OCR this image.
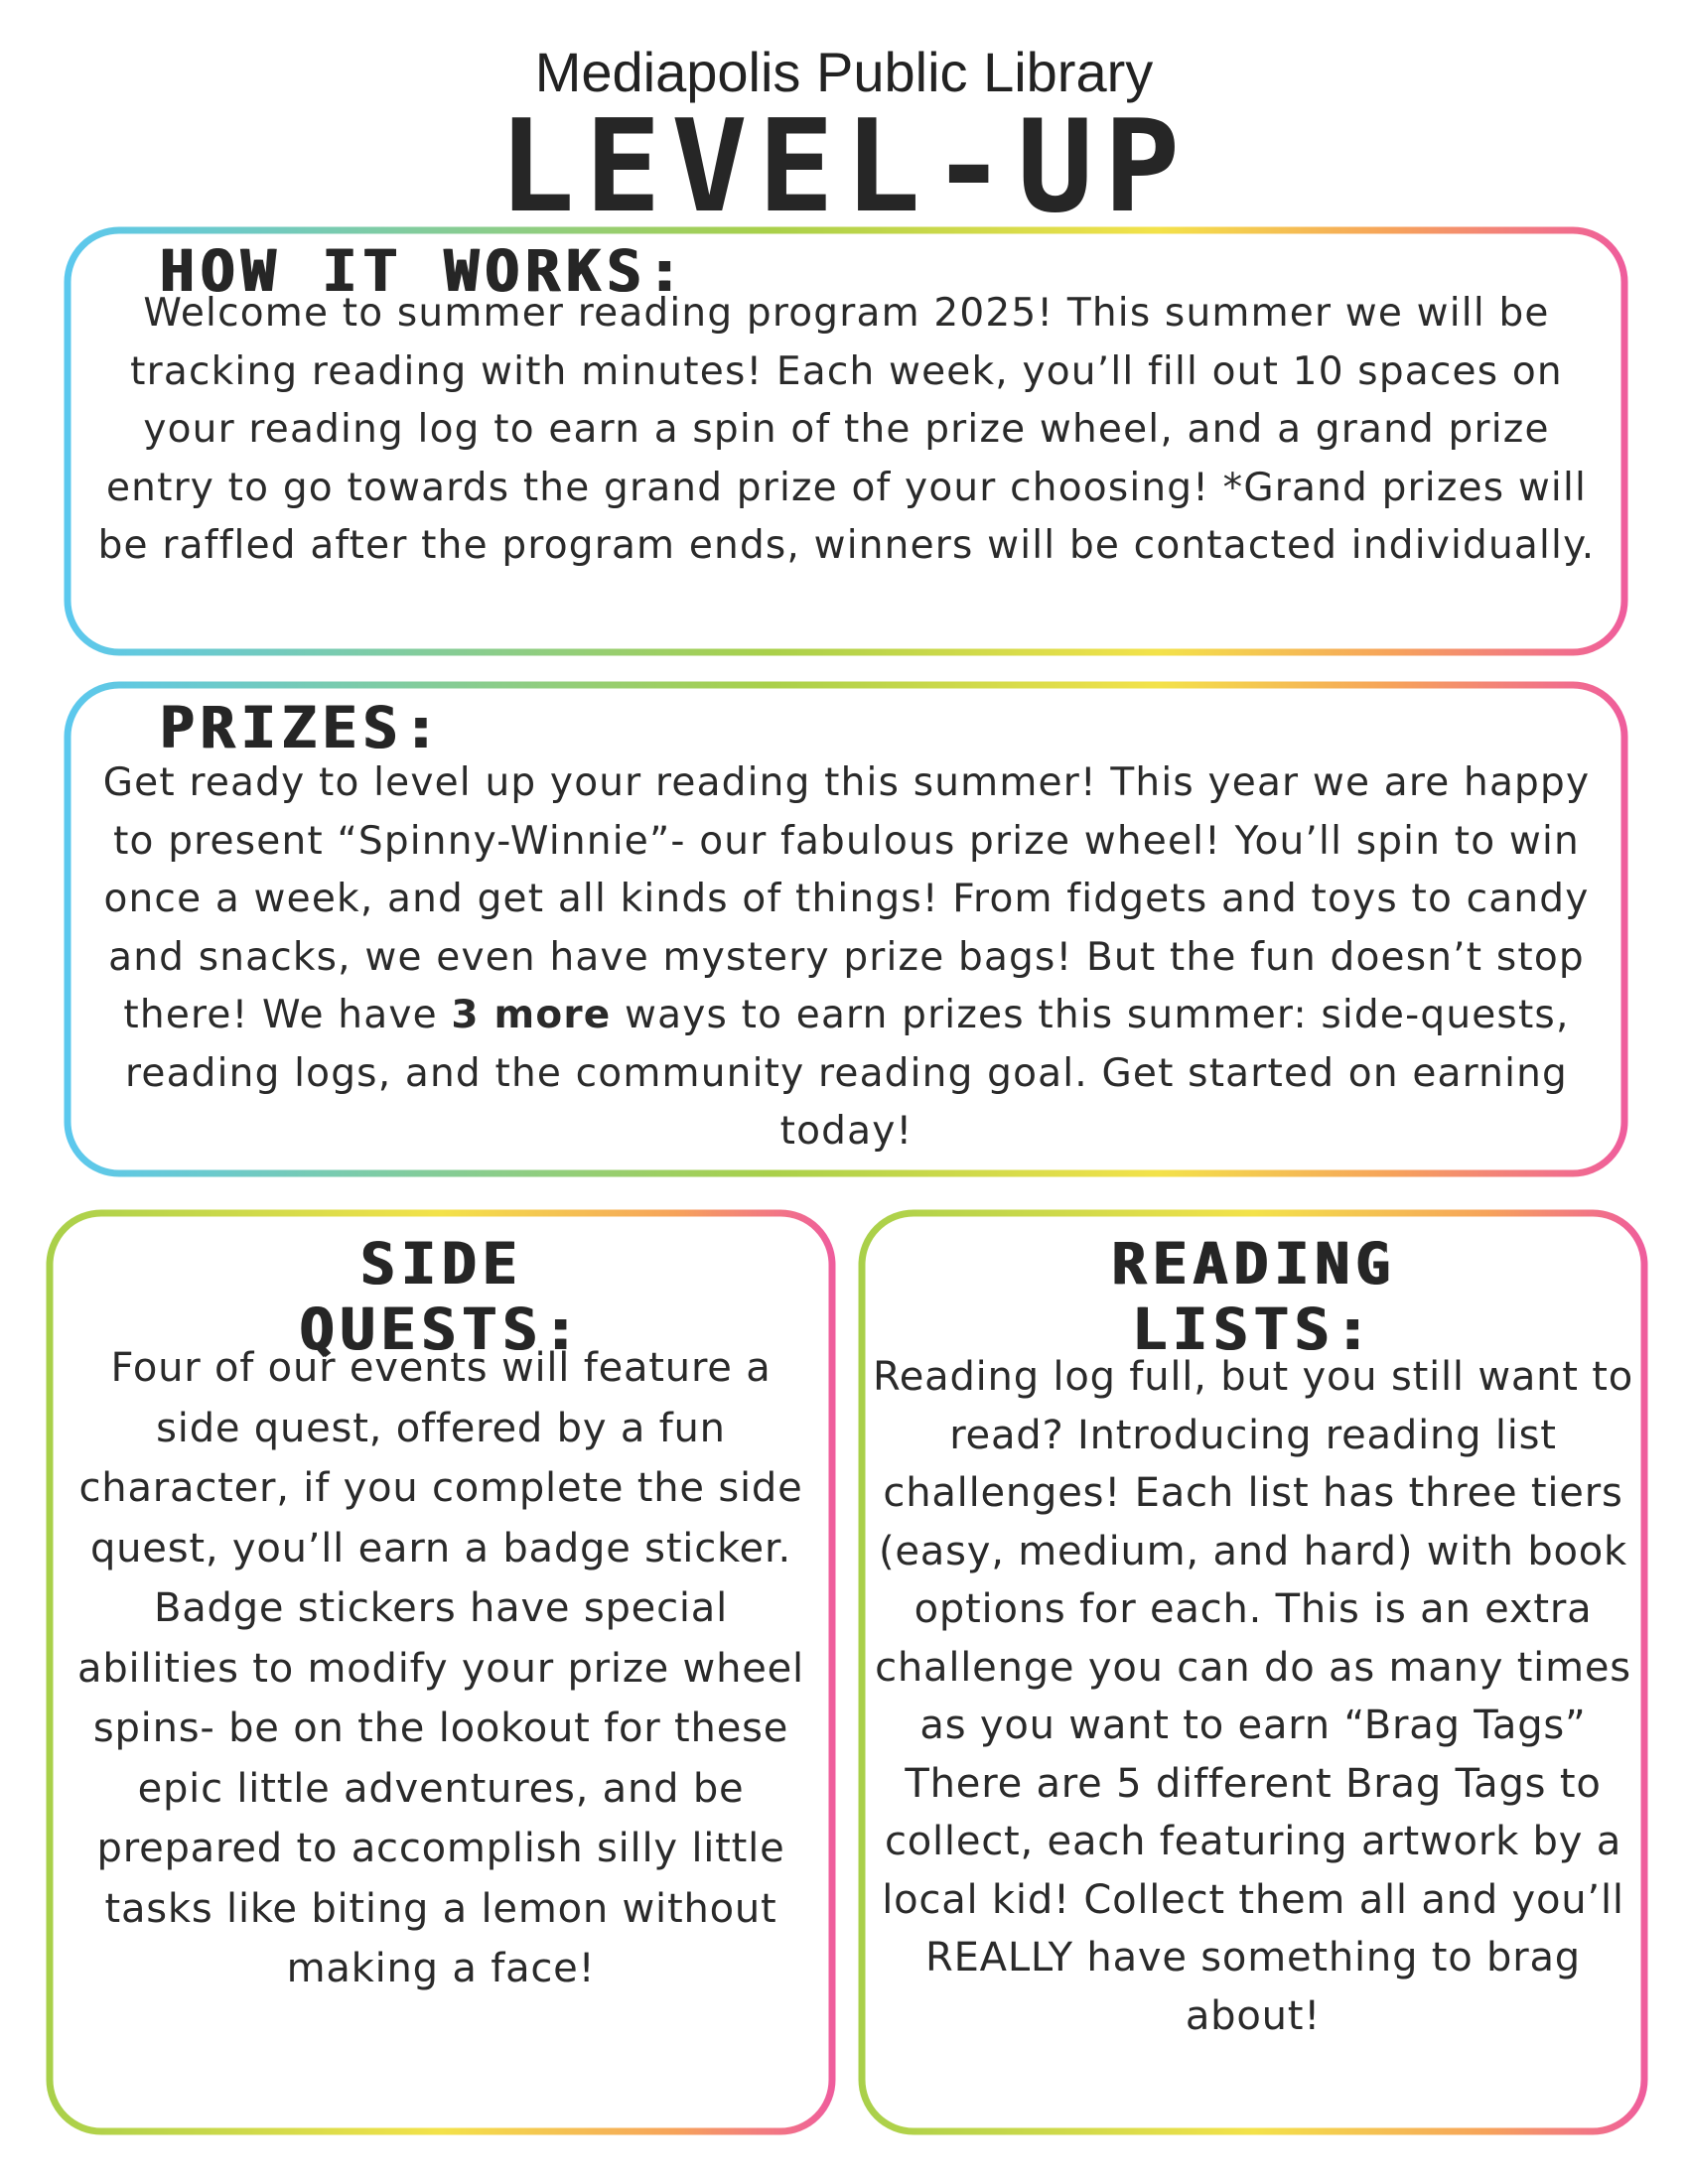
Mediapolis Public Library
LEVEL-UP
HOW IT WORKS:
Welcome to summer reading program 2025! This summer we will be tracking reading with minutes! Each week, you’ll fill out 10 spaces on your reading log to earn a spin of the prize wheel, and a grand prize entry to go towards the grand prize of your choosing! *Grand prizes will be raffled after the program ends, winners will be contacted individually.
PRIZES:
Get ready to level up your reading this summer! This year we are happy to present “Spinny-Winnie”- our fabulous prize wheel! You’ll spin to win once a week, and get all kinds of things! From fidgets and toys to candy and snacks, we even have mystery prize bags! But the fun doesn’t stop there! We have 3 more ways to earn prizes this summer: side-quests, reading logs, and the community reading goal. Get started on earning today!
SIDE
QUESTS:
Four of our events will feature a side quest, offered by a fun character, if you complete the side quest, you’ll earn a badge sticker. Badge stickers have special abilities to modify your prize wheel spins- be on the lookout for these epic little adventures, and be prepared to accomplish silly little tasks like biting a lemon without making a face!
READING
LISTS:
Reading log full, but you still want to read? Introducing reading list challenges! Each list has three tiers (easy, medium, and hard) with book options for each. This is an extra challenge you can do as many times as you want to earn “Brag Tags” There are 5 different Brag Tags to collect, each featuring artwork by a local kid! Collect them all and you’ll REALLY have something to brag about!
